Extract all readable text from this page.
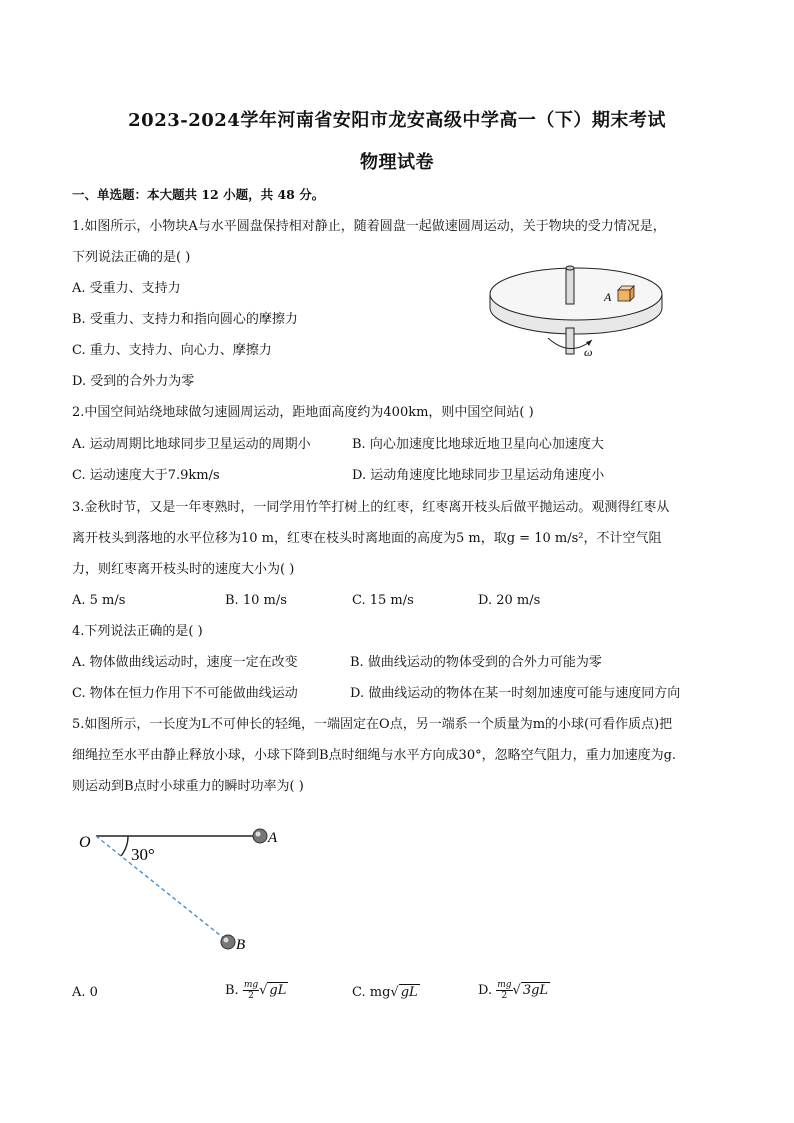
2023-2024学年河南省安阳市龙安高级中学高一（下）期末考试
物理试卷
一、单选题：本大题共 12 小题，共 48 分。
1.如图所示，小物块A与水平圆盘保持相对静止，随着圆盘一起做速圆周运动，关于物块的受力情况是，
下列说法正确的是( )
A. 受重力、支持力
B. 受重力、支持力和指向圆心的摩擦力
C. 重力、支持力、向心力、摩擦力
D. 受到的合外力为零
A
ω
2.中国空间站绕地球做匀速圆周运动，距地面高度约为400km，则中国空间站( )
A. 运动周期比地球同步卫星运动的周期小	B. 向心加速度比地球近地卫星向心加速度大
C. 运动速度大于7.9km/s	D. 运动角速度比地球同步卫星运动角速度小
3.金秋时节，又是一年枣熟时，一同学用竹竿打树上的红枣，红枣离开枝头后做平抛运动。观测得红枣从
离开枝头到落地的水平位移为10 m，红枣在枝头时离地面的高度为5 m，取g = 10 m/s²，不计空气阻
力，则红枣离开枝头时的速度大小为( )
A. 5 m/s	B. 10 m/s	C. 15 m/s	D. 20 m/s
4.下列说法正确的是( )
A. 物体做曲线运动时，速度一定在改变	B. 做曲线运动的物体受到的合外力可能为零
C. 物体在恒力作用下不可能做曲线运动	D. 做曲线运动的物体在某一时刻加速度可能与速度同方向
5.如图所示，一长度为L不可伸长的轻绳，一端固定在O点，另一端系一个质量为m的小球(可看作质点)把
细绳拉至水平由静止释放小球，小球下降到B点时细绳与水平方向成30°，忽略空气阻力，重力加速度为g.
则运动到B点时小球重力的瞬时功率为( )
O	A
B
30°
A. 0	B. $\frac{mg}{2}$ √ gL	C. mg√ gL	D. $\frac{mg}{2}$ √ 3gL
